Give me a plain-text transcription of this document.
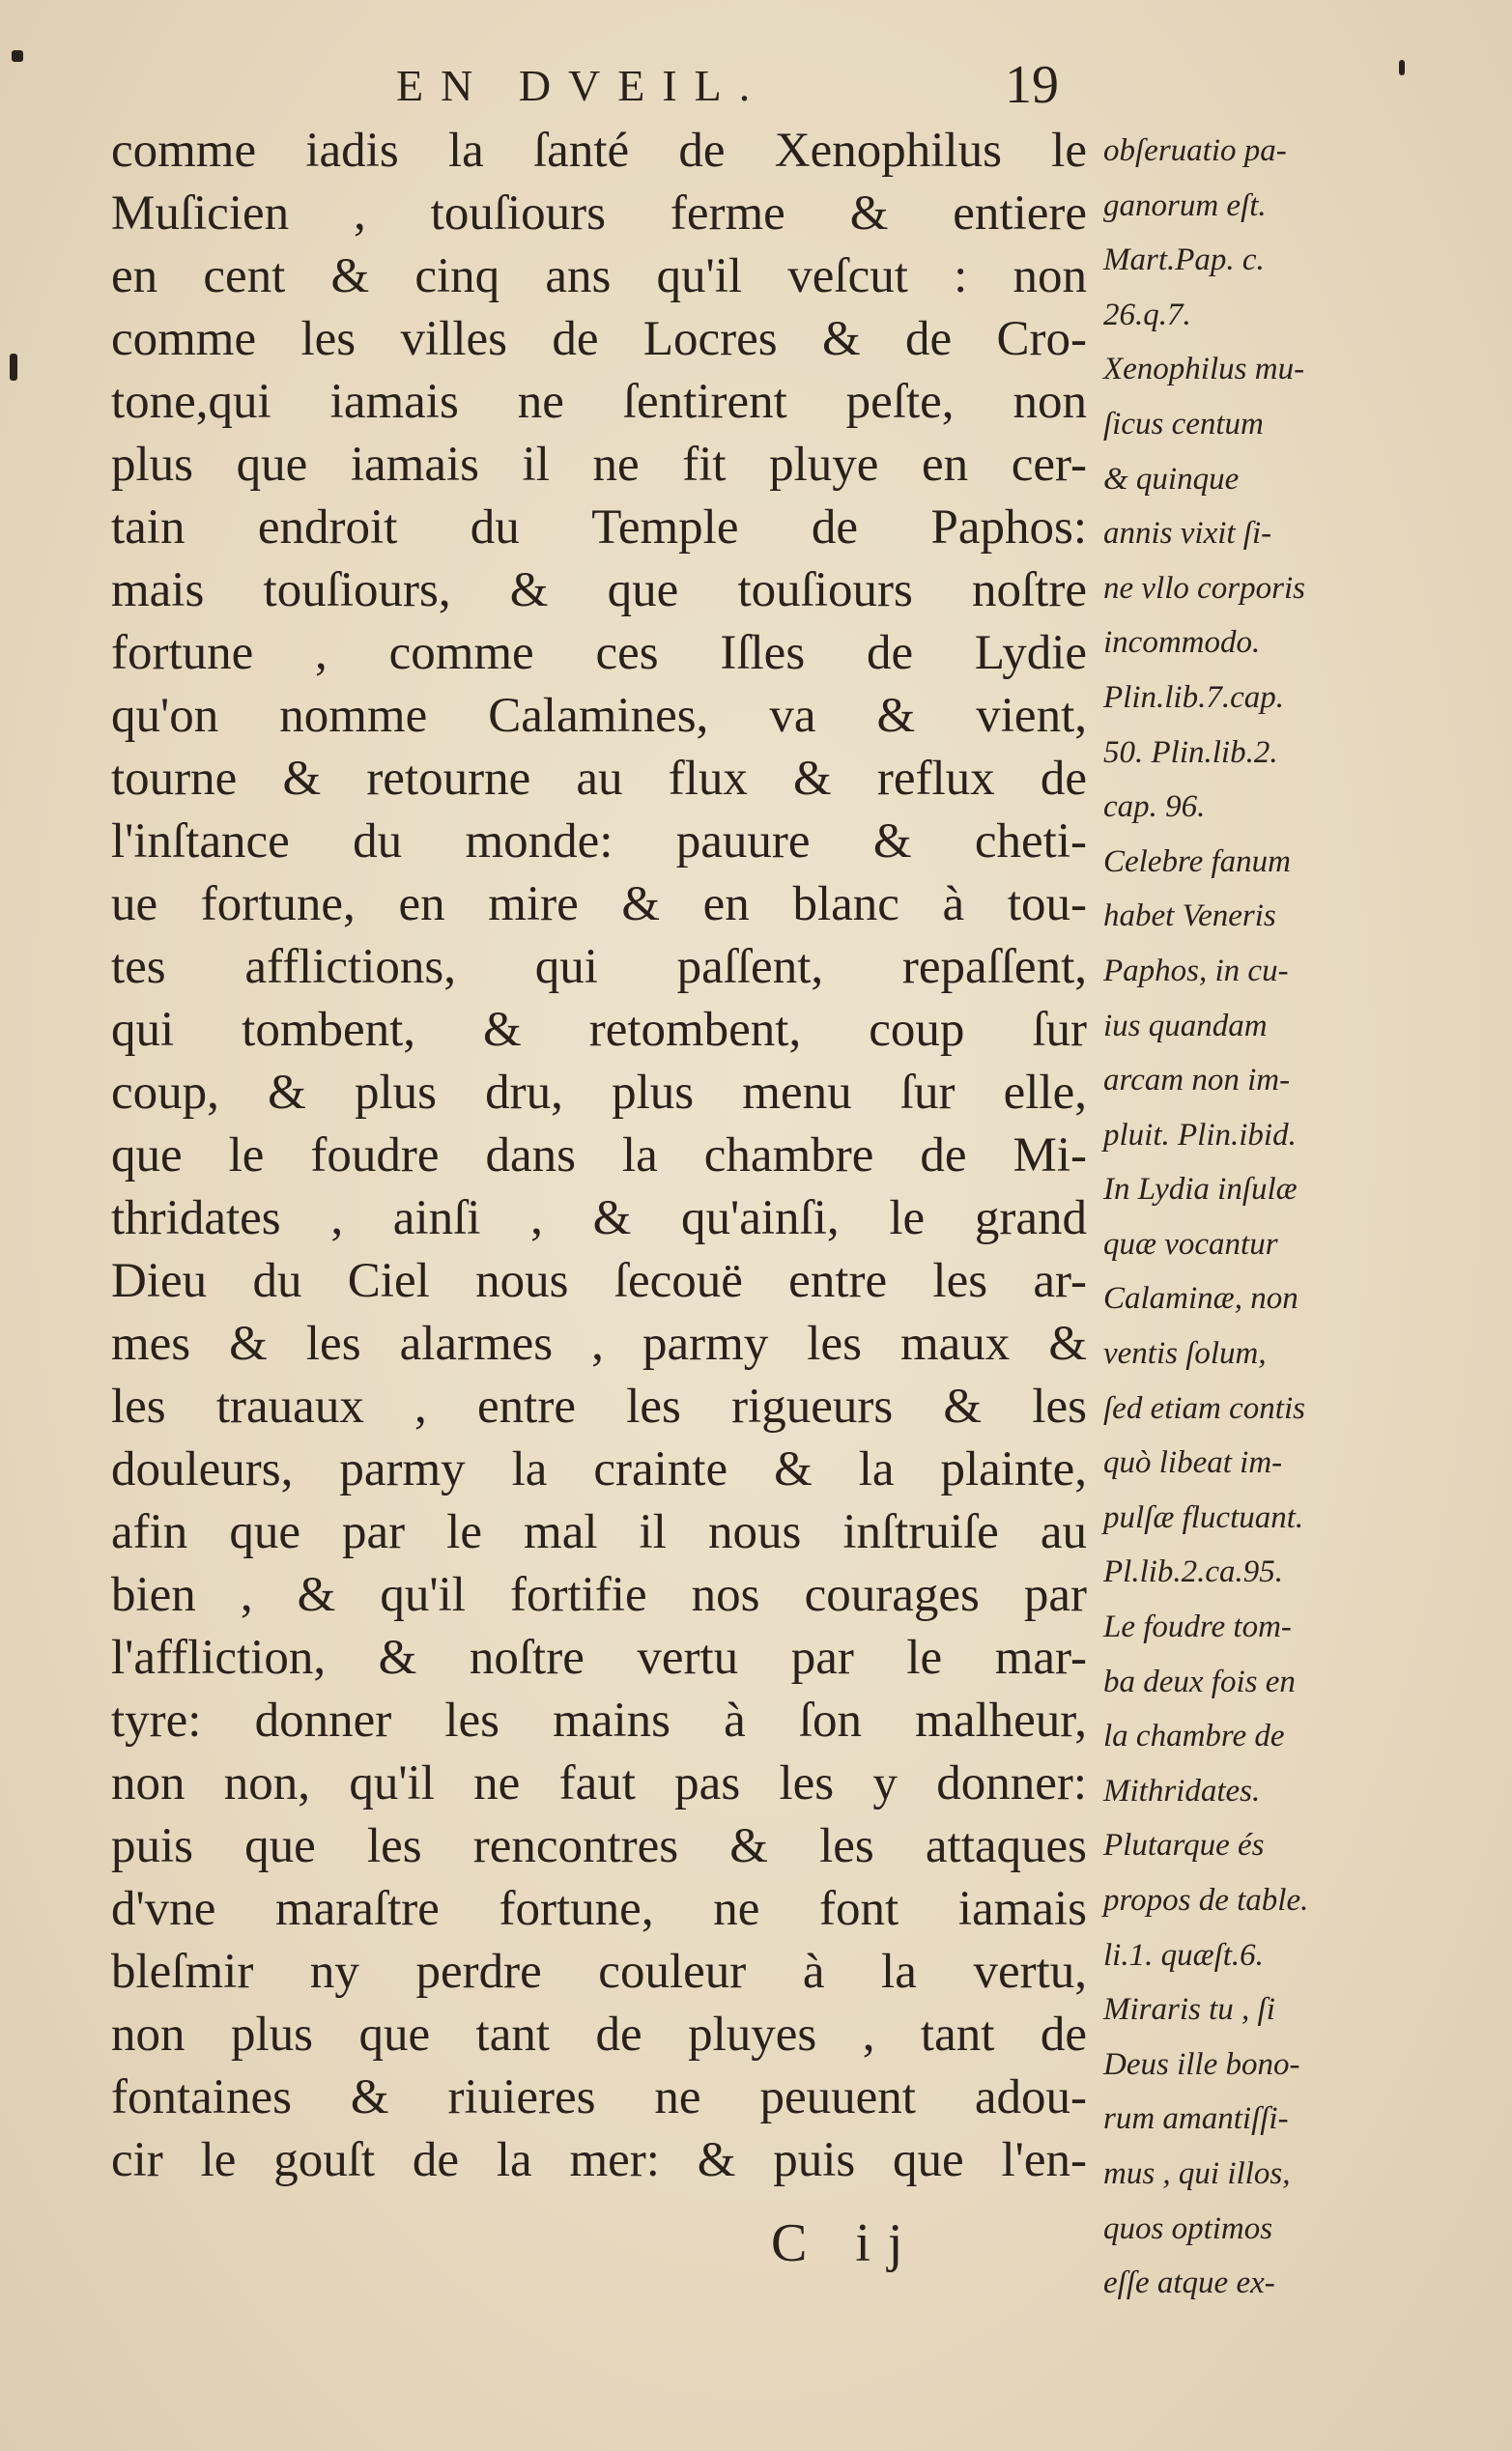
EN DVEIL.	19
comme iadis la ſanté de Xenophilus le
Muſicien , touſiours ferme & entiere
en cent & cinq ans qu'il veſcut : non
comme les villes de Locres & de Cro-
tone,qui iamais ne ſentirent peſte, non
plus que iamais il ne fit pluye en cer-
tain endroit du Temple de Paphos:
mais touſiours, & que touſiours noſtre
fortune , comme ces Iſles de Lydie
qu'on nomme Calamines, va & vient,
tourne & retourne au flux & reflux de
l'inſtance du monde: pauure & cheti-
ue fortune, en mire & en blanc à tou-
tes afflictions, qui paſſent, repaſſent,
qui tombent, & retombent, coup ſur
coup, & plus dru, plus menu ſur elle,
que le foudre dans la chambre de Mi-
thridates , ainſi , & qu'ainſi, le grand
Dieu du Ciel nous ſecouë entre les ar-
mes & les alarmes , parmy les maux &
les trauaux , entre les rigueurs & les
douleurs, parmy la crainte & la plainte,
afin que par le mal il nous inſtruiſe au
bien , & qu'il fortifie nos courages par
l'affliction, & noſtre vertu par le mar-
tyre: donner les mains à ſon malheur,
non non, qu'il ne faut pas les y donner:
puis que les rencontres & les attaques
d'vne maraſtre fortune, ne font iamais
bleſmir ny perdre couleur à la vertu,
non plus que tant de pluyes , tant de
fontaines & riuieres ne peuuent adou-
cir le gouſt de la mer: & puis que l'en-
obſeruatio pa-
ganorum eſt.
Mart.Pap. c.
26.q.7.
Xenophilus mu-
ſicus centum
& quinque
annis vixit ſi-
ne vllo corporis
incommodo.
Plin.lib.7.cap.
50. Plin.lib.2.
cap. 96.
Celebre fanum
habet Veneris
Paphos, in cu-
ius quandam
arcam non im-
pluit. Plin.ibid.
In Lydia inſulæ
quæ vocantur
Calaminæ, non
ventis ſolum,
ſed etiam contis
quò libeat im-
pulſæ fluctuant.
Pl.lib.2.ca.95.
Le foudre tom-
ba deux fois en
la chambre de
Mithridates.
Plutarque és
propos de table.
li.1. quæſt.6.
Miraris tu , ſi
Deus ille bono-
rum amantiſſi-
mus , qui illos,
quos optimos
eſſe atque ex-
C ij
